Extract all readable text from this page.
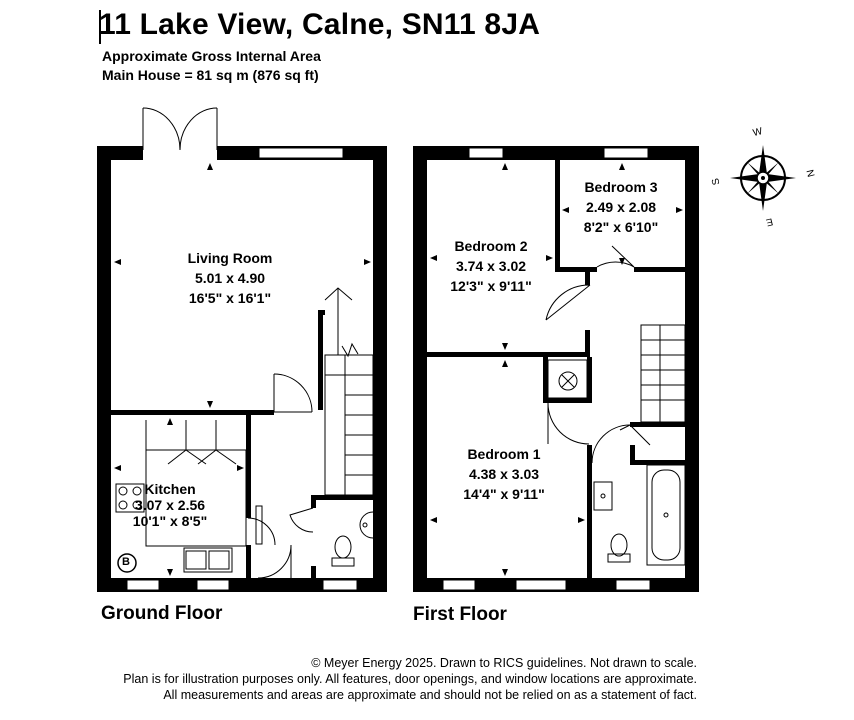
11 Lake View, Calne, SN11 8JA
Approximate Gross Internal Area
Main House = 81 sq m (876 sq ft)
W
N
E
S
Living Room
5.01 x 4.90
16'5" x 16'1"
Kitchen
3.07 x 2.56
10'1" x 8'5"
B
Bedroom 2
3.74 x 3.02
12'3" x 9'11"
Bedroom 3
2.49 x 2.08
8'2" x 6'10"
Bedroom 1
4.38 x 3.03
14'4" x 9'11"
Ground Floor	First Floor
© Meyer Energy 2025. Drawn to RICS guidelines. Not drawn to scale.
Plan is for illustration purposes only. All features, door openings, and window locations are approximate.
All measurements and areas are approximate and should not be relied on as a statement of fact.
